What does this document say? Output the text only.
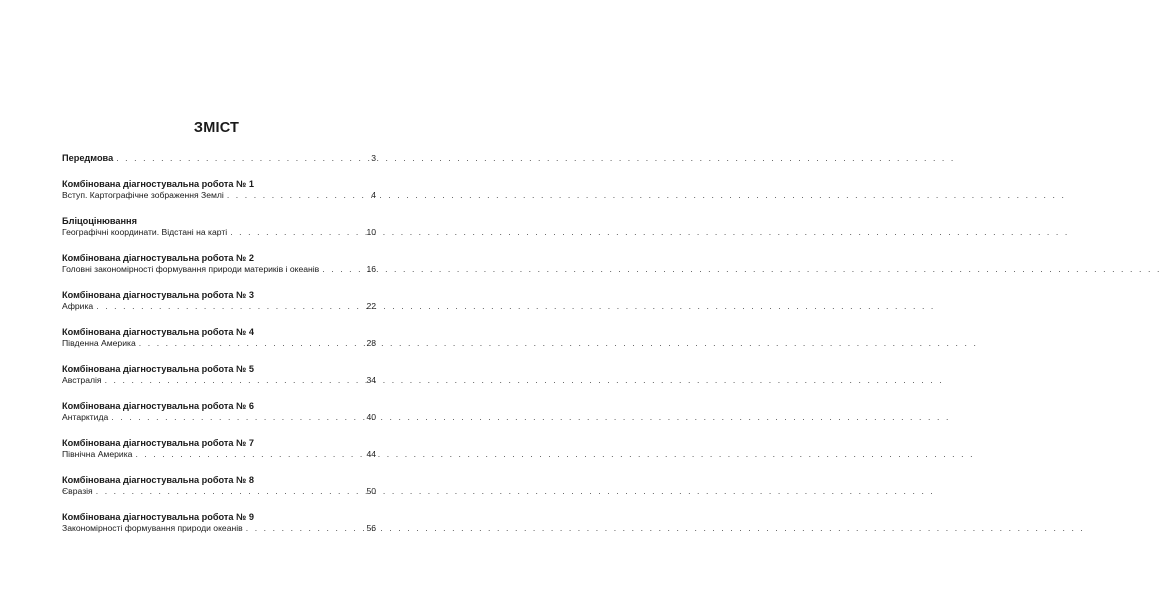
ЗМІСТ
Передмова . . .	3
Комбінована діагностувальна робота № 1
Вступ. Картографічне зображення Землі . . .	4
Бліцоцінювання
Географічні координати. Відстані на карті . . .	10
Комбінована діагностувальна робота № 2
Головні закономірності формування природи материків і океанів . . .	16
Комбінована діагностувальна робота № 3
Африка . . .	22
Комбінована діагностувальна робота № 4
Південна Америка . . .	28
Комбінована діагностувальна робота № 5
Австралія . . .	34
Комбінована діагностувальна робота № 6
Антарктида . . .	40
Комбінована діагностувальна робота № 7
Північна Америка . . .	44
Комбінована діагностувальна робота № 8
Євразія . . .	50
Комбінована діагностувальна робота № 9
Закономірності формування природи океанів . . .	56
